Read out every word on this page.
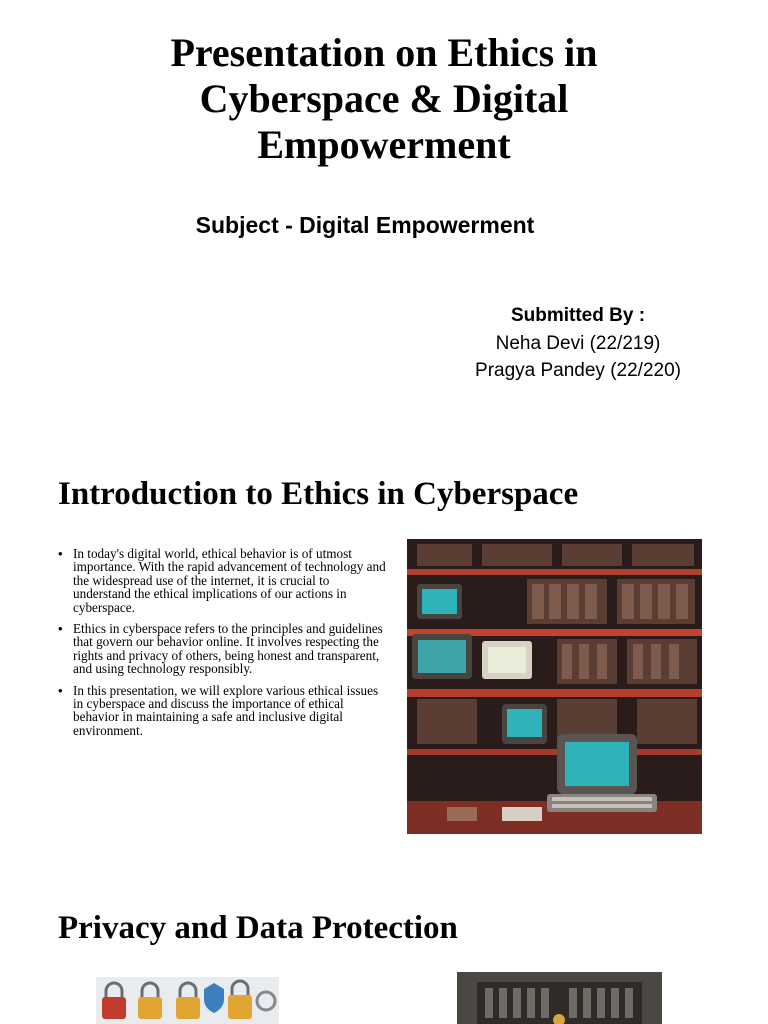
Presentation on Ethics in Cyberspace & Digital Empowerment
Subject - Digital Empowerment
Submitted By :
Neha Devi (22/219)
Pragya Pandey (22/220)
Introduction to Ethics in Cyberspace
• In today's digital world, ethical behavior is of utmost importance. With the rapid advancement of technology and the widespread use of the internet, it is crucial to understand the ethical implications of our actions in cyberspace.
• Ethics in cyberspace refers to the principles and guidelines that govern our behavior online. It involves respecting the rights and privacy of others, being honest and transparent, and using technology responsibly.
• In this presentation, we will explore various ethical issues in cyberspace and discuss the importance of ethical behavior in maintaining a safe and inclusive digital environment.
Privacy and Data Protection
